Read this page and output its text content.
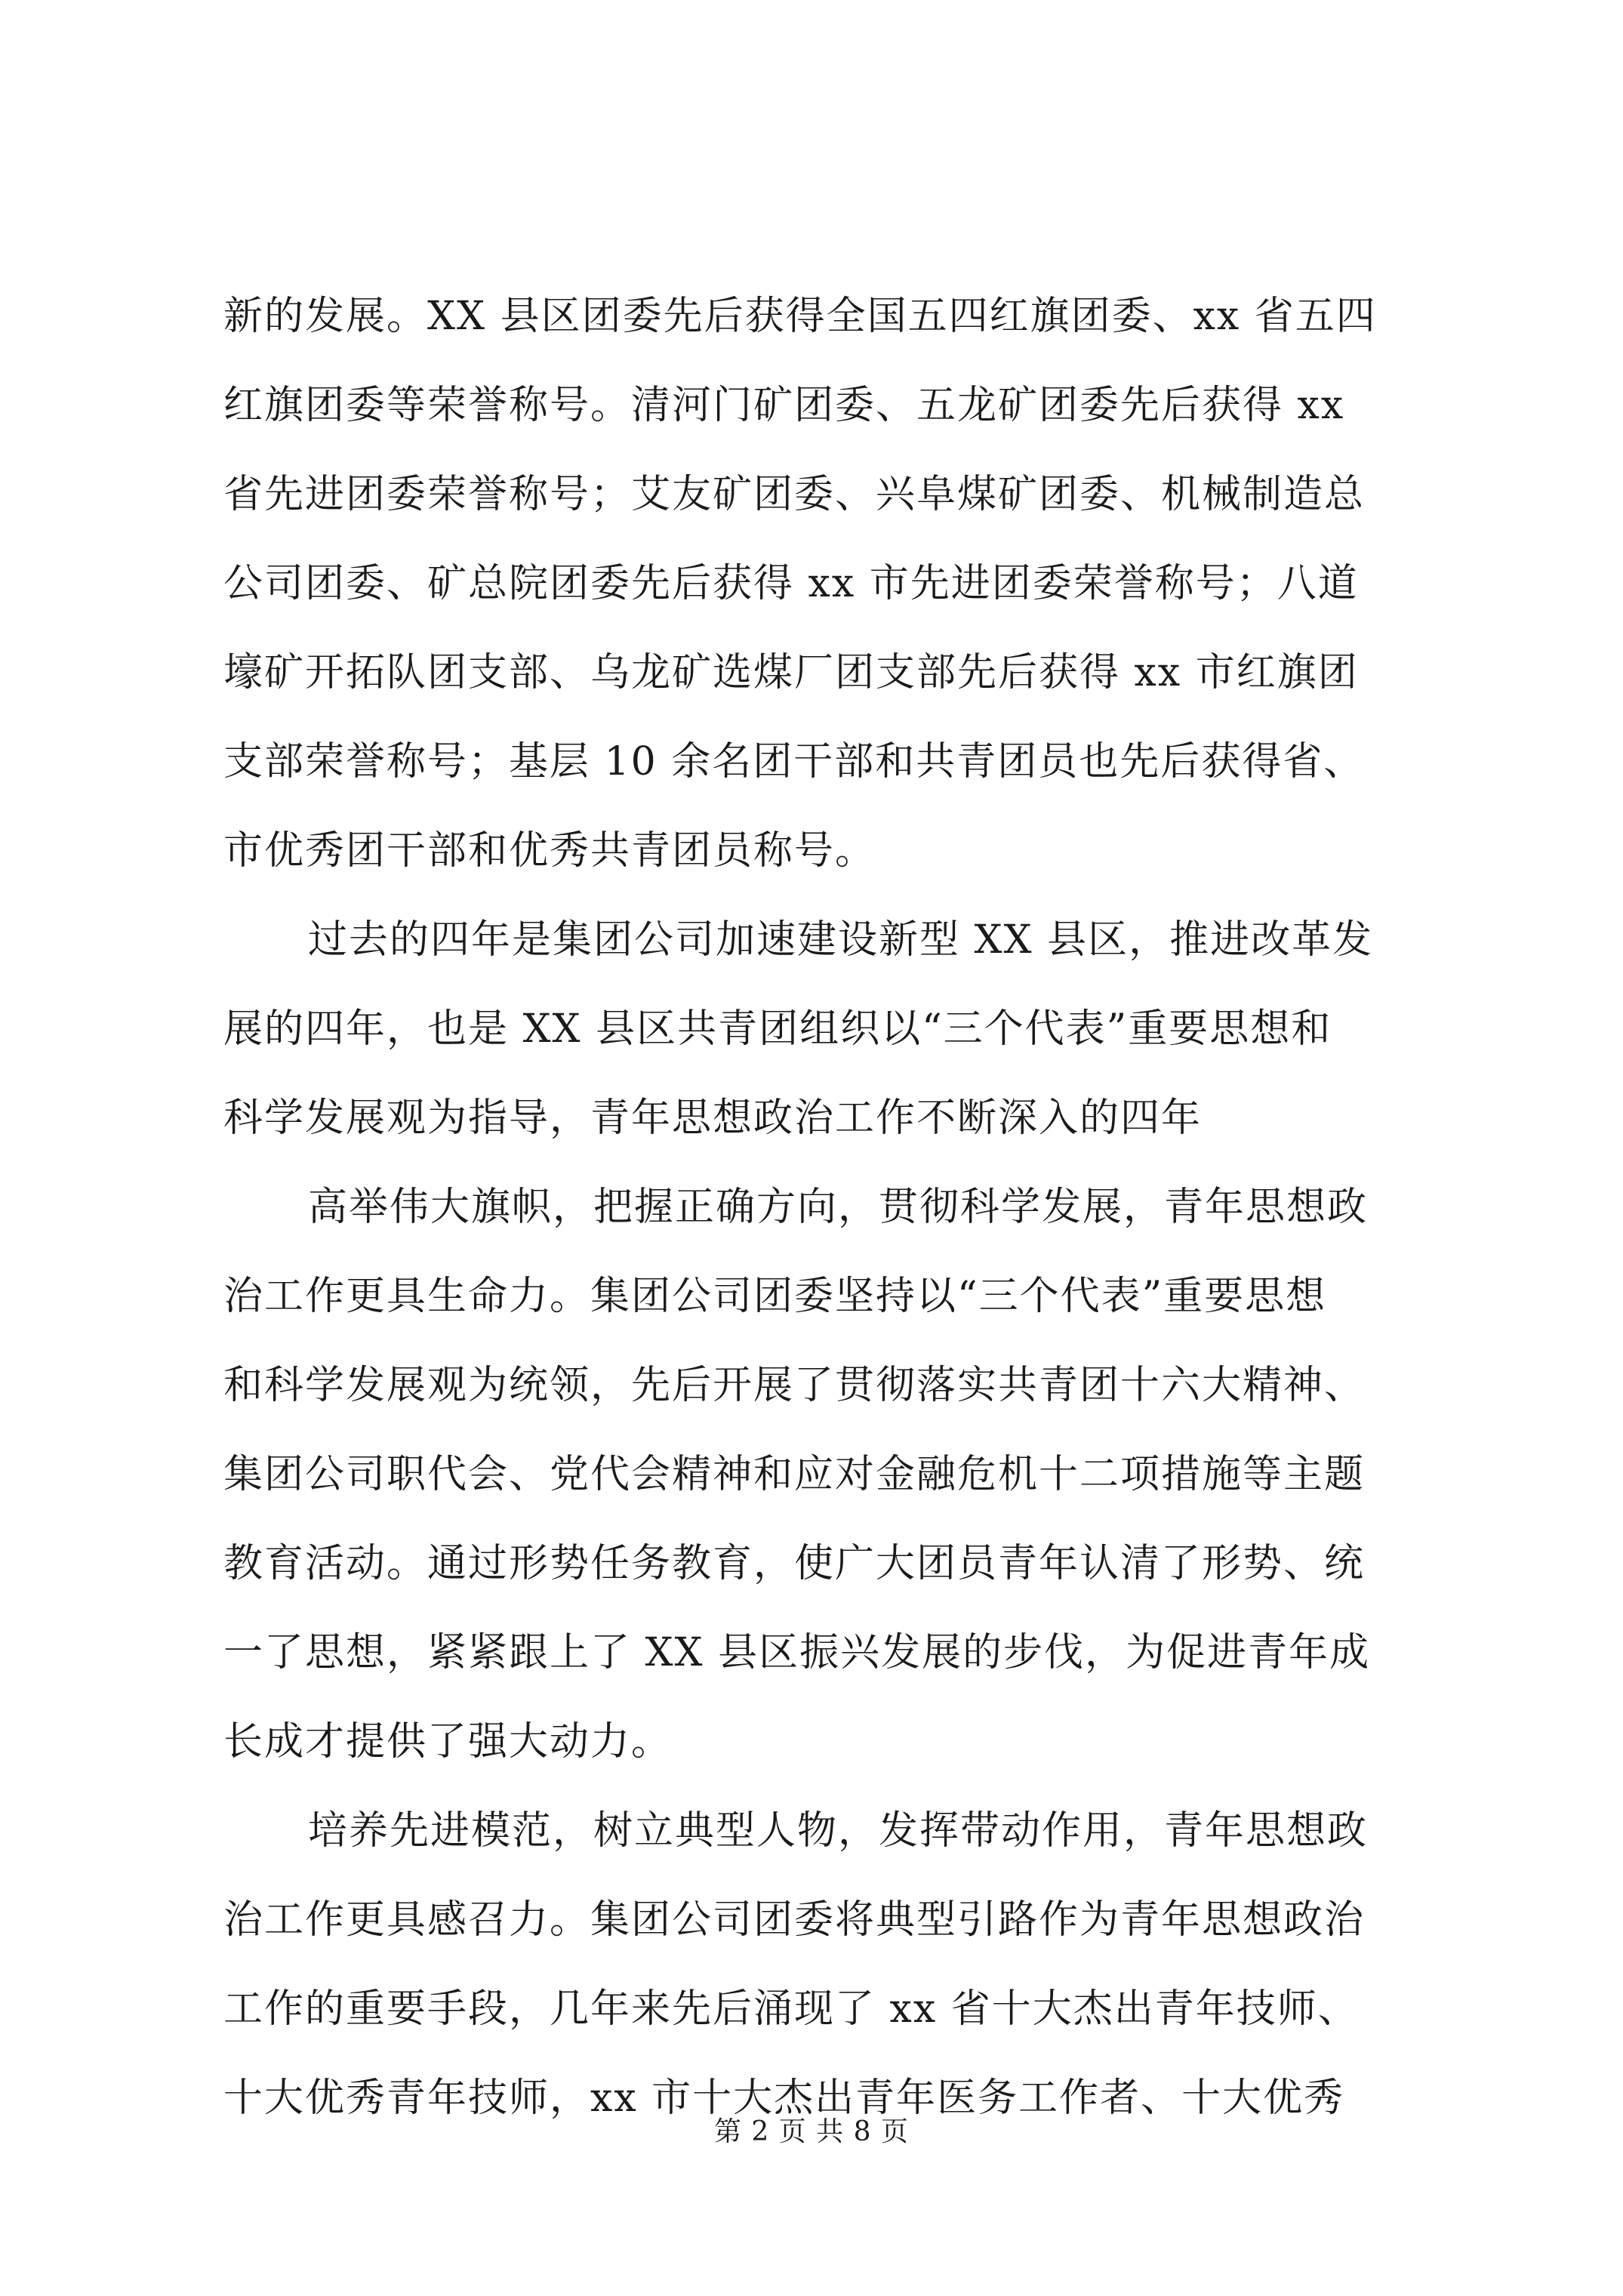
新的发展。XX 县区团委先后获得全国五四红旗团委、xx 省五四
红旗团委等荣誉称号。清河门矿团委、五龙矿团委先后获得 xx
省先进团委荣誉称号；艾友矿团委、兴阜煤矿团委、机械制造总
公司团委、矿总院团委先后获得 xx 市先进团委荣誉称号；八道
壕矿开拓队团支部、乌龙矿选煤厂团支部先后获得 xx 市红旗团
支部荣誉称号；基层 10 余名团干部和共青团员也先后获得省、
市优秀团干部和优秀共青团员称号。
过去的四年是集团公司加速建设新型 XX 县区，推进改革发
展的四年，也是 XX 县区共青团组织以“三个代表”重要思想和
科学发展观为指导，青年思想政治工作不断深入的四年
高举伟大旗帜，把握正确方向，贯彻科学发展，青年思想政
治工作更具生命力。集团公司团委坚持以“三个代表”重要思想
和科学发展观为统领，先后开展了贯彻落实共青团十六大精神、
集团公司职代会、党代会精神和应对金融危机十二项措施等主题
教育活动。通过形势任务教育，使广大团员青年认清了形势、统
一了思想，紧紧跟上了 XX 县区振兴发展的步伐，为促进青年成
长成才提供了强大动力。
培养先进模范，树立典型人物，发挥带动作用，青年思想政
治工作更具感召力。集团公司团委将典型引路作为青年思想政治
工作的重要手段，几年来先后涌现了 xx 省十大杰出青年技师、
十大优秀青年技师，xx 市十大杰出青年医务工作者、十大优秀
第 2 页 共 8 页
